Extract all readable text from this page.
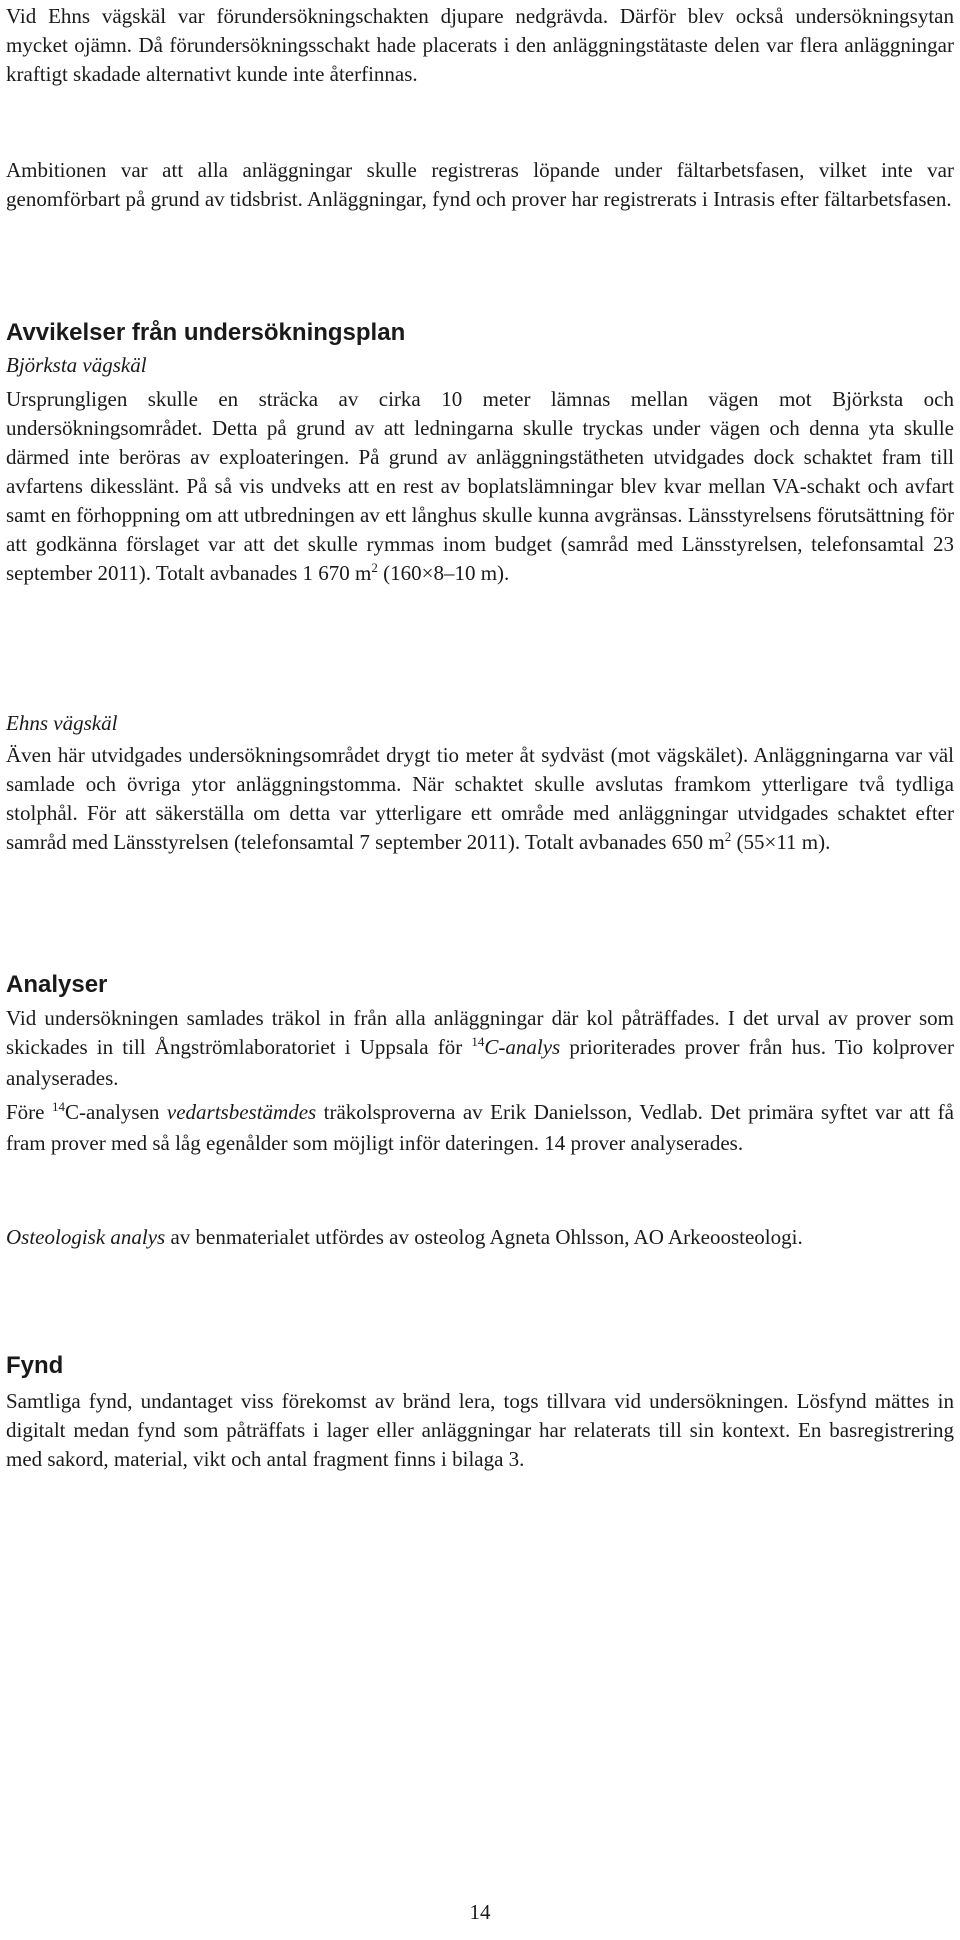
Vid Ehns vägskäl var förundersökningschakten djupare nedgrävda. Därför blev också undersökningsytan mycket ojämn. Då förundersökningsschakt hade placerats i den anläggningstätaste delen var flera anläggningar kraftigt skadade alternativt kunde inte återfinnas.

Ambitionen var att alla anläggningar skulle registreras löpande under fältarbetsfasen, vilket inte var genomförbart på grund av tidsbrist. Anläggningar, fynd och prover har registrerats i Intrasis efter fältarbetsfasen.

Avvikelser från undersökningsplan
Björksta vägskäl

Ursprungligen skulle en sträcka av cirka 10 meter lämnas mellan vägen mot Björksta och undersökningsområdet. Detta på grund av att ledningarna skulle tryckas under vägen och denna yta skulle därmed inte beröras av exploateringen. På grund av anläggningstätheten utvidgades dock schaktet fram till avfartens dikesslänt. På så vis undveks att en rest av boplatslämningar blev kvar mellan VA-schakt och avfart samt en förhoppning om att utbredningen av ett långhus skulle kunna avgränsas. Länsstyrelsens förutsättning för att godkänna förslaget var att det skulle rymmas inom budget (samråd med Länsstyrelsen, telefonsamtal 23 september 2011). Totalt avbanades 1 670 $m^2$ (160×8–10 m).

Ehns vägskäl

Även här utvidgades undersökningsområdet drygt tio meter åt sydväst (mot vägskälet). Anläggningarna var väl samlade och övriga ytor anläggningstomma. När schaktet skulle avslutas framkom ytterligare två tydliga stolphål. För att säkerställa om detta var ytterligare ett område med anläggningar utvidgades schaktet efter samråd med Länsstyrelsen (telefonsamtal 7 september 2011). Totalt avbanades 650 $m^2$ (55×11 m).

Analyser

Vid undersökningen samlades träkol in från alla anläggningar där kol påträffades. I det urval av prover som skickades in till Ångströmlaboratoriet i Uppsala för $^{14}$C-analys prioriterades prover från hus. Tio kolprover analyserades.

Före $^{14}$C-analysen vedartsbestämdes träkolsproverna av Erik Danielsson, Vedlab. Det primära syftet var att få fram prover med så låg egenålder som möjligt inför dateringen. 14 prover analyserades.

Osteologisk analys av benmaterialet utfördes av osteolog Agneta Ohlsson, AO Arkeoosteologi.

Fynd

Samtliga fynd, undantaget viss förekomst av bränd lera, togs tillvara vid undersökningen. Lösfynd mättes in digitalt medan fynd som påträffats i lager eller anläggningar har relaterats till sin kontext. En basregistrering med sakord, material, vikt och antal fragment finns i bilaga 3.

14
